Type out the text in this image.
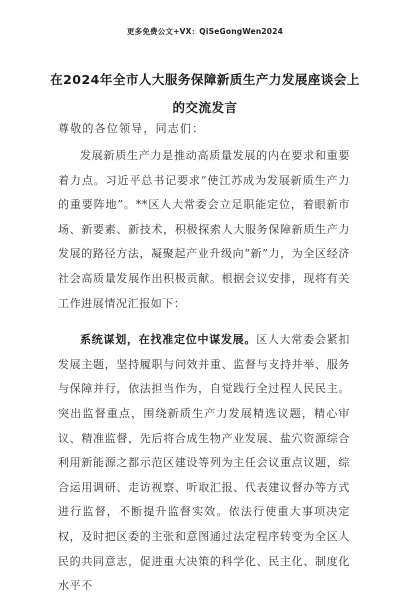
更多免费公文+VX：QiSeGongWen2024
在2024年全市人大服务保障新质生产力发展座谈会上的交流发言
尊敬的各位领导，同志们：

发展新质生产力是推动高质量发展的内在要求和重要着力点。习近平总书记要求“使江苏成为发展新质生产力的重要阵地”。**区人大常委会立足职能定位，着眼新市场、新要素、新技术，积极探索人大服务保障新质生产力发展的路径方法，凝聚起产业升级向“新”力，为全区经济社会高质量发展作出积极贡献。根据会议安排，现将有关工作进展情况汇报如下：

系统谋划，在找准定位中谋发展。区人大常委会紧扣发展主题，坚持履职与问效并重、监督与支持并举、服务与保障并行，依法担当作为，自觉践行全过程人民民主。突出监督重点，围绕新质生产力发展精选议题，精心审议、精准监督，先后将合成生物产业发展、盐穴资源综合利用新能源之都示范区建设等列为主任会议重点议题，综合运用调研、走访视察、听取汇报、代表建议督办等方式进行监督，不断提升监督实效。依法行使重大事项决定权，及时把区委的主张和意图通过法定程序转变为全区人民的共同意志，促进重大决策的科学化、民主化、制度化水平不
